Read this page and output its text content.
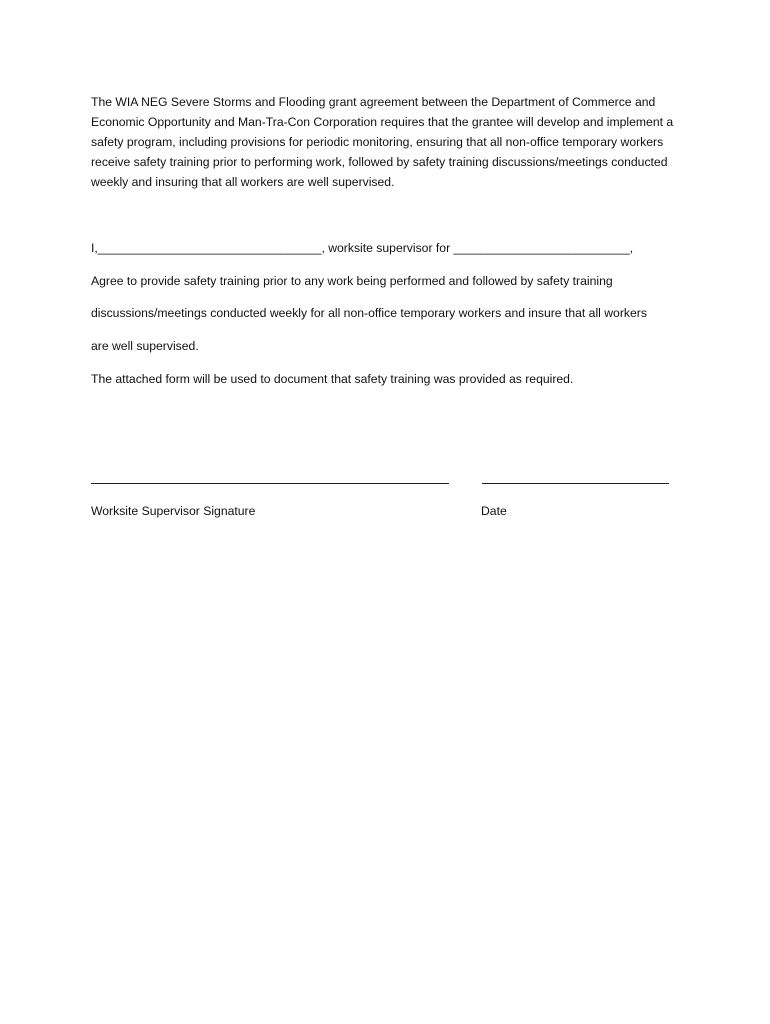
The WIA NEG Severe Storms and Flooding grant agreement between the Department of Commerce and Economic Opportunity and Man-Tra-Con Corporation requires that the grantee will develop and implement a safety program, including provisions for periodic monitoring, ensuring that all non-office temporary workers receive safety training prior to performing work, followed by safety training discussions/meetings conducted weekly and insuring that all workers are well supervised.

I,_________________________________, worksite supervisor for __________________________,

Agree to provide safety training prior to any work being performed and followed by safety training

discussions/meetings conducted weekly for all non-office temporary workers and insure that all workers

are well supervised.

The attached form will be used to document that safety training was provided as required.

Worksite Supervisor Signature	Date
